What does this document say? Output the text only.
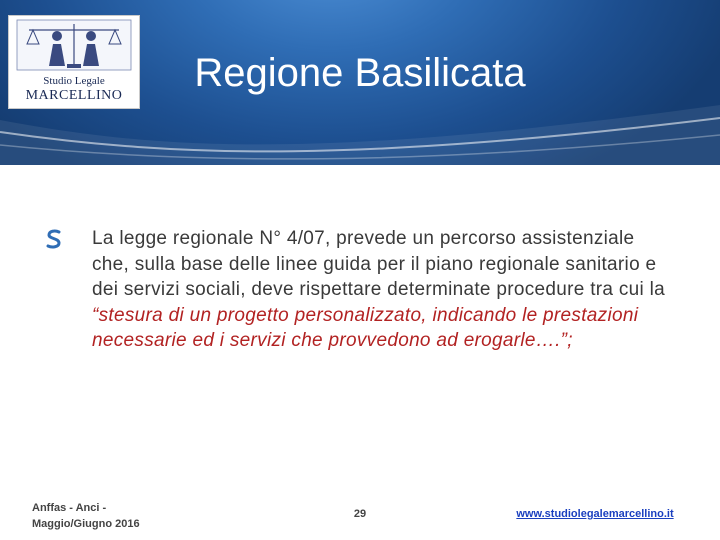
Studio Legale
MARCELLINO
Regione Basilicata
La legge regionale N° 4/07, prevede un percorso assistenziale che, sulla base delle linee guida per il piano regionale sanitario e dei servizi sociali, deve rispettare determinate procedure tra cui la “stesura di un progetto personalizzato, indicando le prestazioni necessarie ed i servizi che provvedono ad erogarle….”;
Anffas - Anci -
Maggio/Giugno 2016
29	www.studiolegalemarcellino.it
